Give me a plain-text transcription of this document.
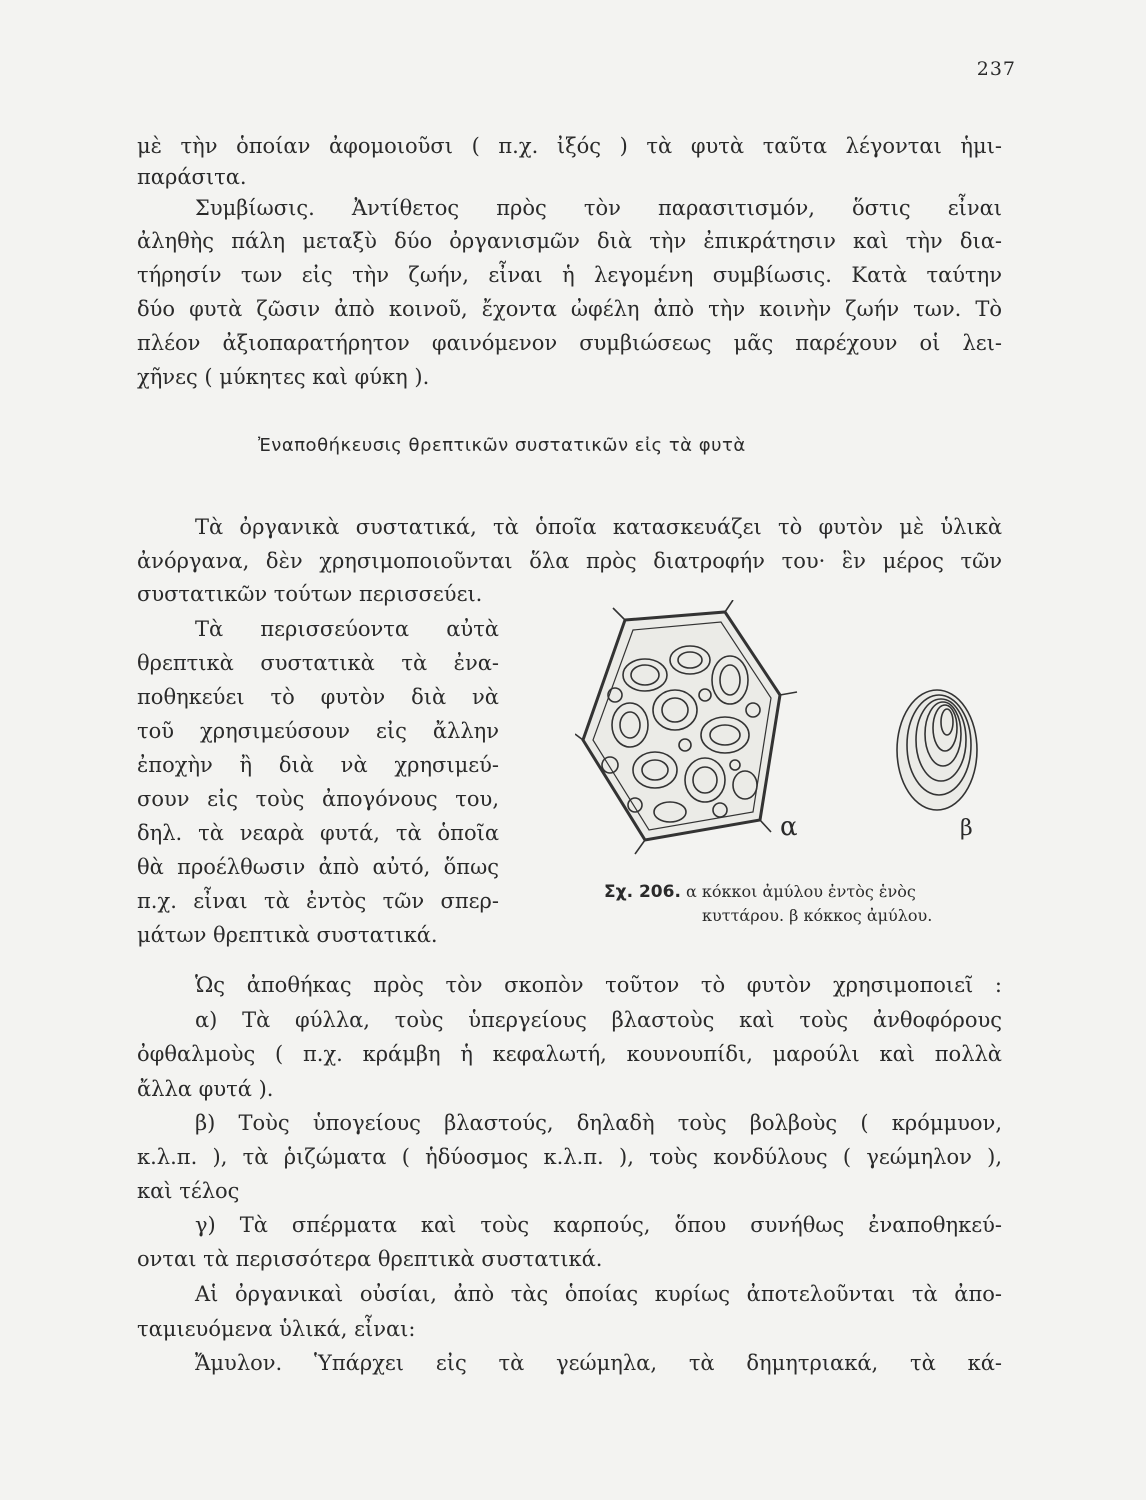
237
μὲ τὴν ὁποίαν ἀφομοιοῦσι ( π.χ. ἰξός ) τὰ φυτὰ ταῦτα λέγονται ἡμι-
παράσιτα.
Συμβίωσις. Ἀντίθετος πρὸς τὸν παρασιτισμόν, ὅστις εἶναι
ἀληθὴς πάλη μεταξὺ δύο ὀργανισμῶν διὰ τὴν ἐπικράτησιν καὶ τὴν δια-
τήρησίν των εἰς τὴν ζωήν, εἶναι ἡ λεγομένη συμβίωσις. Κατὰ ταύτην
δύο φυτὰ ζῶσιν ἀπὸ κοινοῦ, ἔχοντα ὠφέλη ἀπὸ τὴν κοινὴν ζωήν των. Τὸ
πλέον ἀξιοπαρατήρητον φαινόμενον συμβιώσεως μᾶς παρέχουν οἱ λει-
χῆνες ( μύκητες καὶ φύκη ).
Ἐναποθήκευσις θρεπτικῶν συστατικῶν εἰς τὰ φυτὰ
Τὰ ὀργανικὰ συστατικά, τὰ ὁποῖα κατασκευάζει τὸ φυτὸν μὲ ὑλικὰ
ἀνόργανα, δὲν χρησιμοποιοῦνται ὅλα πρὸς διατροφήν του· ἓν μέρος τῶν
συστατικῶν τούτων περισσεύει.
Τὰ περισσεύοντα αὐτὰ
θρεπτικὰ συστατικὰ τὰ ἐνα-
ποθηκεύει τὸ φυτὸν διὰ νὰ
τοῦ χρησιμεύσουν εἰς ἄλλην
ἐποχὴν ἢ διὰ νὰ χρησιμεύ-
σουν εἰς τοὺς ἀπογόνους του,
δηλ. τὰ νεαρὰ φυτά, τὰ ὁποῖα
θὰ προέλθωσιν ἀπὸ αὐτό, ὅπως
π.χ. εἶναι τὰ ἐντὸς τῶν σπερ-
μάτων θρεπτικὰ συστατικά.
α	β
Σχ. 206. α κόκκοι ἀμύλου ἐντὸς ἑνὸς
κυττάρου. β κόκκος ἀμύλου.
Ὡς ἀποθήκας πρὸς τὸν σκοπὸν τοῦτον τὸ φυτὸν χρησιμοποιεῖ :
α) Τὰ φύλλα, τοὺς ὑπεργείους βλαστοὺς καὶ τοὺς ἀνθοφόρους
ὀφθαλμοὺς ( π.χ. κράμβη ἡ κεφαλωτή, κουνουπίδι, μαρούλι καὶ πολλὰ
ἄλλα φυτά ).
β) Τοὺς ὑπογείους βλαστούς, δηλαδὴ τοὺς βολβοὺς ( κρόμμυον,
κ.λ.π. ), τὰ ῥιζώματα ( ἡδύοσμος κ.λ.π. ), τοὺς κονδύλους ( γεώμηλον ),
καὶ τέλος
γ) Τὰ σπέρματα καὶ τοὺς καρπούς, ὅπου συνήθως ἐναποθηκεύ-
ονται τὰ περισσότερα θρεπτικὰ συστατικά.
Αἱ ὀργανικαὶ οὐσίαι, ἀπὸ τὰς ὁποίας κυρίως ἀποτελοῦνται τὰ ἀπο-
ταμιευόμενα ὑλικά, εἶναι:
Ἄμυλον. Ὑπάρχει εἰς τὰ γεώμηλα, τὰ δημητριακά, τὰ κά-
